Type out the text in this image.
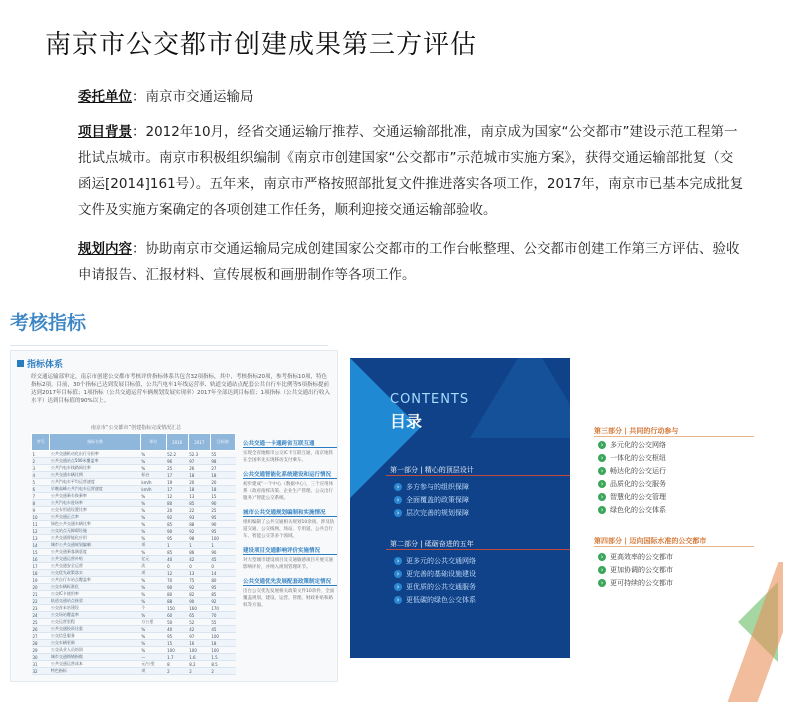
南京市公交都市创建成果第三方评估
委托单位：南京市交通运输局
项目背景：2012年10月，经省交通运输厅推荐、交通运输部批准，南京成为国家“公交都市”建设示范工程第一批试点城市。南京市积极组织编制《南京市创建国家“公交都市”示范城市实施方案》，获得交通运输部批复（交函运[2014]161号）。五年来，南京市严格按照部批复文件推进落实各项工作，2017年，南京市已基本完成批复文件及实施方案确定的各项创建工作任务，顺利迎接交通运输部验收。
规划内容：协助南京市交通运输局完成创建国家公交都市的工作台帐整理、公交都市创建工作第三方评估、验收申请报告、汇报材料、宣传展板和画册制作等各项工作。
考核指标
指标体系
经交通运输部审定，南京市创建公交都市考核评价指标体系共包含32项指标，其中，考核指标20项，参考指标10项，特色指标2项。目前，30个指标已达到发展目标值，公共汽电车1年线运营率、轨道交通站点配套公共自行车比例等5项指标提前达到2017年目标值；1项指标（公共交通运营车辆规划发展实现率）2017年全部达到目标值；1项指标（公共交通出行收入水平）达到目标值的90%以上。
南京市“公交都市”创建指标完成情况汇总
序号	指标名称	单位	2016	2017	目标值
1	公共交通机动化出行分担率	%	52.2	52.3	55
2	公共交通站点500米覆盖率	%	96	97	98
3	公共汽电车线路网比率	%	25	26	27
4	公共交通车辆比例	标台	17	18	18
5	公共汽电车平均运营速度	km/h	19	20	20
6	早晚高峰公共汽电车运营速度	km/h	17	18	18
7	公共交通乘车换乘率	%	12	13	15
8	公共汽电车进场率	%	80	85	90
9	公交专用道设置比率	%	20	22	25
10	公共交通正点率	%	92	93	95
11	绿色公共交通车辆比率	%	85	88	90
12	公交站点无障碍设施	%	90	92	95
13	公共交通智能化应用	%	95	98	100
14	城市公共交通规划编制	项	1	1	1
15	公共交通乘客满意度	%	85	86	90
16	公共交通运营补贴	亿元	40	42	45
17	公共交通安全运营	次	0	0	0
18	公交优先政策落实	项	12	13	14
19	公共自行车站点覆盖率	%	70	75	80
20	公交车辆标准化	%	90	92	95
21	公交IC卡使用率	%	80	82	85
22	轨道交通站点接驳	%	88	90	92
23	公交首末站建设	个	150	160	170
24	公交场站覆盖率	%	60	65	70
25	公交运营里程	万公里	50	52	55
26	公共交通投资比重	%	40	42	45
27	公交信息服务	%	95	97	100
28	公交车辆更新	%	15	16	18
29	公交从业人员培训	%	100	100	100
30	城市交通拥堵指数	—	1.7	1.6	1.5
31	公共交通运营成本	元/公里	8	8.2	8.5
32	特色指标	项	2	2	2
公共交通一卡通跨省互联互通
实现全省地级市公交IC卡互联互通，南京地铁在全国率先实现移动支付乘车。
公共交通智能化系统建设和运行情况
初步建成“一个中心（数据中心），三个应用体系（政府指挥决策、企业生产管理、公众出行服务）”智能公交系统。
城市公共交通规划编制和实施情况
组织编制了公共交通相关规划10余项，涉及轨道交通、公交线网、场站、专用道、公共自行车、智能公交等多个领域。
建设项目交通影响评价实施情况
对大型城市建设项目及交通敏感项目开展交通影响评价，并纳入规划管理环节。
公共交通优先发展配套政策制定情况
出台公交优先发展相关政策文件10余件，全面覆盖规划、建设、运营、管理、财政补贴和路权等方面。
CONTENTS
目录
第一部分 | 精心的顶层设计
› 多方参与的组织保障
› 全面覆盖的政策保障
› 层次完善的规划保障
第二部分 | 砥砺奋进的五年
› 更多元的公共交通网络
› 更完善的基础设施建设
› 更优质的公共交通服务
› 更低碳的绿色公交体系
第三部分 | 共同的行动参与
› 多元化的公交网络
› 一体化的公交枢纽
› 畅达化的公交运行
› 品质化的公交服务
› 智慧化的公交管理
› 绿色化的公交体系
第四部分 | 迈向国际水准的公交都市
› 更高效率的公交都市
› 更加协调的公交都市
› 更可持续的公交都市
